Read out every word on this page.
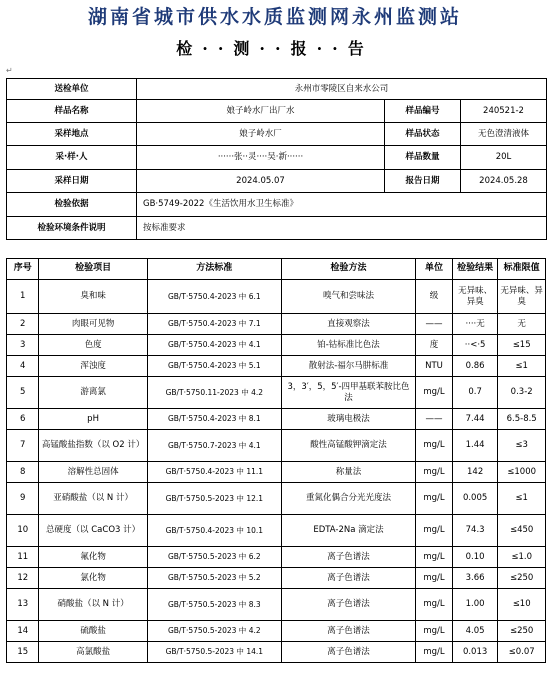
湖南省城市供水水质监测网永州监测站
检··测··报··告
↵
送检单位	永州市零陵区自来水公司		
样品名称	娘子岭水厂出厂水	样品编号	240521-2
采样地点	娘子岭水厂	样品状态	无色澄清液体
采·样·人	······张··灵····吴·新······	样品数量	20L
采样日期	2024.05.07	报告日期	2024.05.28
检验依据	GB·5749-2022《生活饮用水卫生标准》		
检验环境条件说明	按标准要求		
序号	检验项目	方法标准	检验方法	单位	检验结果	标准限值
1	臭和味	GB/T·5750.4-2023 中 6.1	嗅气和尝味法	级	无异味、异臭	无异味、异臭
2	肉眼可见物	GB/T·5750.4-2023 中 7.1	直接观察法	——	····无	无
3	色度	GB/T·5750.4-2023 中 4.1	铂-钴标准比色法	度	··<·5	≤15
4	浑浊度	GB/T·5750.4-2023 中 5.1	散射法-福尔马肼标准	NTU	0.86	≤1
5	游离氯	GB/T·5750.11-2023 中 4.2	3，3′，5，5′-四甲基联苯胺比色法	mg/L	0.7	0.3-2
6	pH	GB/T·5750.4-2023 中 8.1	玻璃电极法	——	7.44	6.5-8.5
7	高锰酸盐指数（以 O2 计）	GB/T·5750.7-2023 中 4.1	酸性高锰酸钾滴定法	mg/L	1.44	≤3
8	溶解性总固体	GB/T·5750.4-2023 中 11.1	称量法	mg/L	142	≤1000
9	亚硝酸盐（以 N 计）	GB/T·5750.5-2023 中 12.1	重氮化偶合分光光度法	mg/L	0.005	≤1
10	总硬度（以 CaCO3 计）	GB/T·5750.4-2023 中 10.1	EDTA-2Na 滴定法	mg/L	74.3	≤450
11	氟化物	GB/T·5750.5-2023 中 6.2	离子色谱法	mg/L	0.10	≤1.0
12	氯化物	GB/T·5750.5-2023 中 5.2	离子色谱法	mg/L	3.66	≤250
13	硝酸盐（以 N 计）	GB/T·5750.5-2023 中 8.3	离子色谱法	mg/L	1.00	≤10
14	硫酸盐	GB/T·5750.5-2023 中 4.2	离子色谱法	mg/L	4.05	≤250
15	高氯酸盐	GB/T·5750.5-2023 中 14.1	离子色谱法	mg/L	0.013	≤0.07
